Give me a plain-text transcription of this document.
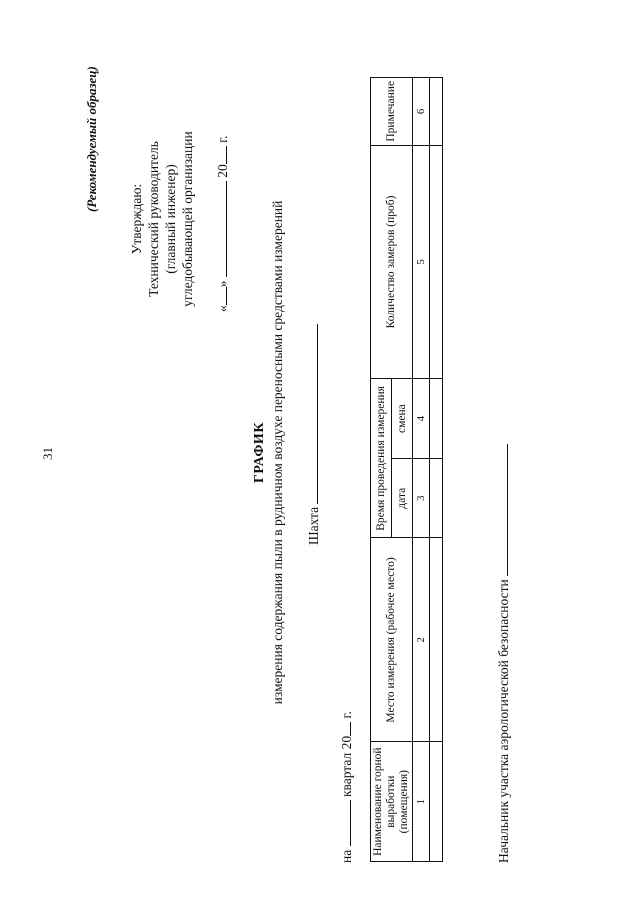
31
(Рекомендуемый образец)
Утверждаю: Технический руководитель (главный инженер) угледобывающей организации
«»  20 г.
ГРАФИК измерения содержания пыли в рудничном воздухе переносными средствами измерений Шахта
на  квартал 20 г.
Наименование горной выработки (помещения)	Место измерения (рабочее место)	Время проведения измерения		Количество замеров (проб)	Примечание
		дата	смена		
1	2	3	4	5	6

Начальник участка аэрологической безопасности
